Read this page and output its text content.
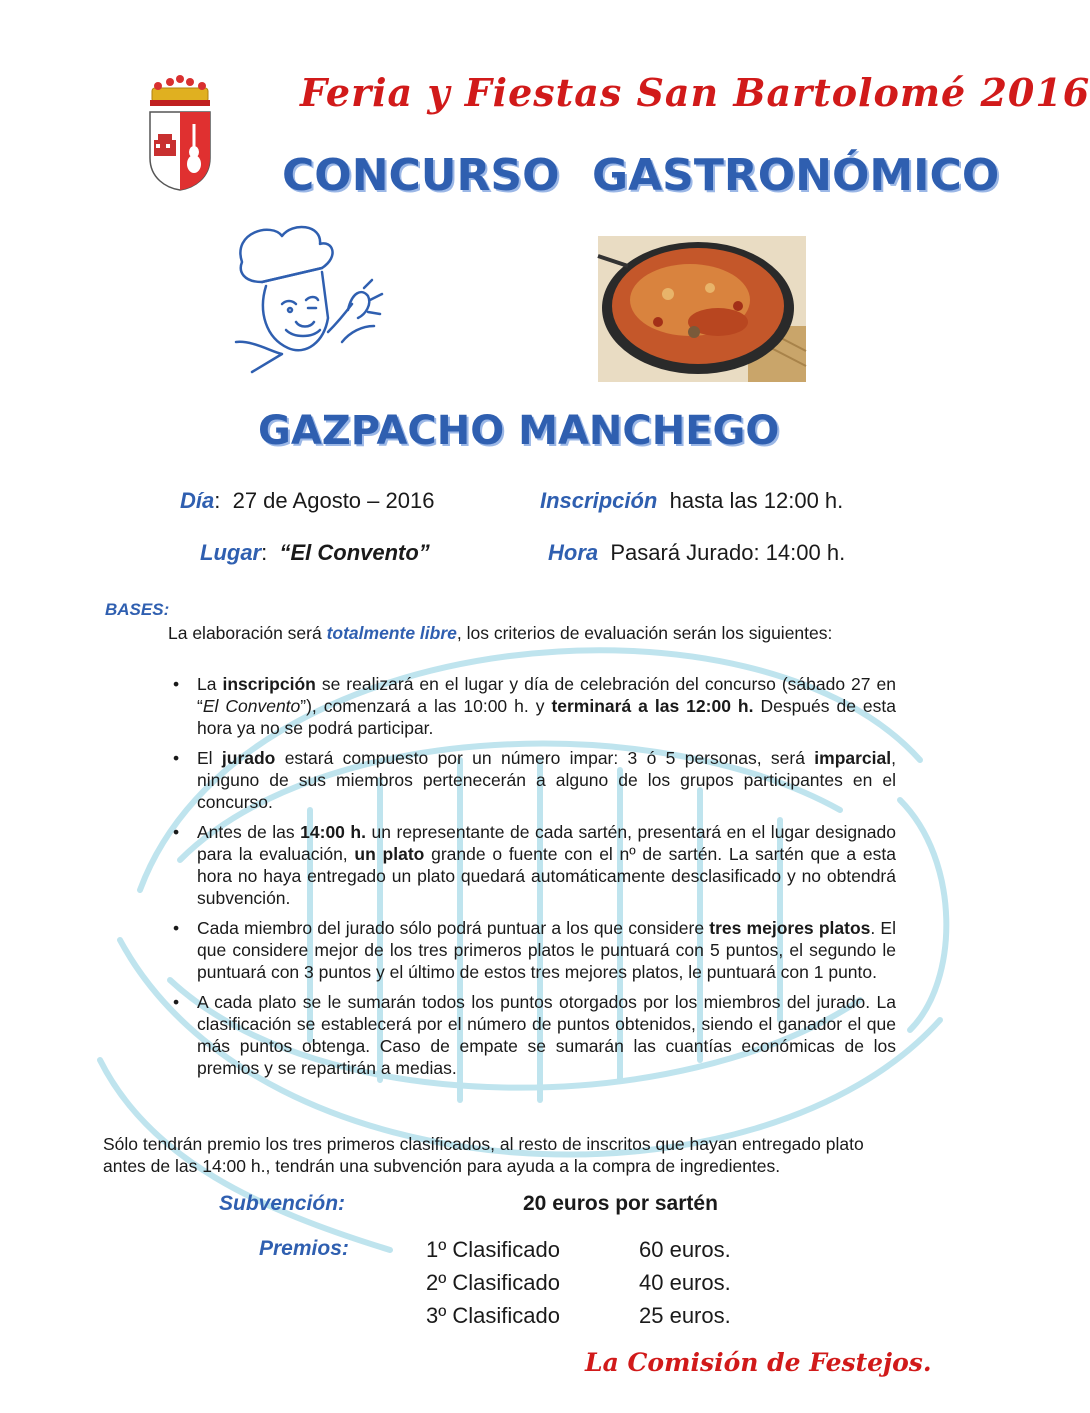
Feria y Fiestas San Bartolomé 2016
CONCURSO GASTRONÓMICO
GAZPACHO MANCHEGO
Día:  27 de Agosto – 2016	Inscripción hasta las 12:00 h.
Lugar:  “El Convento”	Hora Pasará Jurado: 14:00 h.
BASES:
La elaboración será totalmente libre, los criterios de evaluación serán los siguientes:
• La inscripción se realizará en el lugar y día de celebración del concurso (sábado 27 en “El Convento”), comenzará a las 10:00 h. y terminará a las 12:00 h. Después de esta hora ya no se podrá participar.
• El jurado estará compuesto por un número impar: 3 ó 5 personas, será imparcial, ninguno de sus miembros pertenecerán a alguno de los grupos participantes en el concurso.
• Antes de las 14:00 h. un representante de cada sartén, presentará en el lugar designado para la evaluación, un plato grande o fuente con el nº de sartén. La sartén que a esta hora no haya entregado un plato quedará automáticamente desclasificado y no obtendrá subvención.
• Cada miembro del jurado sólo podrá puntuar a los que considere tres mejores platos. El que considere mejor de los tres primeros platos le puntuará con 5 puntos, el segundo le puntuará con 3 puntos y el último de estos tres mejores platos, le puntuará con 1 punto.
• A cada plato se le sumarán todos los puntos otorgados por los miembros del jurado. La clasificación se establecerá por el número de puntos obtenidos, siendo el ganador el que más puntos obtenga. Caso de empate se sumarán las cuantías económicas de los premios y se repartirán a medias.
Sólo tendrán premio los tres primeros clasificados, al resto de inscritos que hayan entregado plato antes de las 14:00 h., tendrán una subvención para ayuda a la compra de ingredientes.
Subvención:	20 euros por sartén
Premios:	1º Clasificado	60 euros.
2º Clasificado	40 euros.
3º Clasificado	25 euros.
La Comisión de Festejos.
